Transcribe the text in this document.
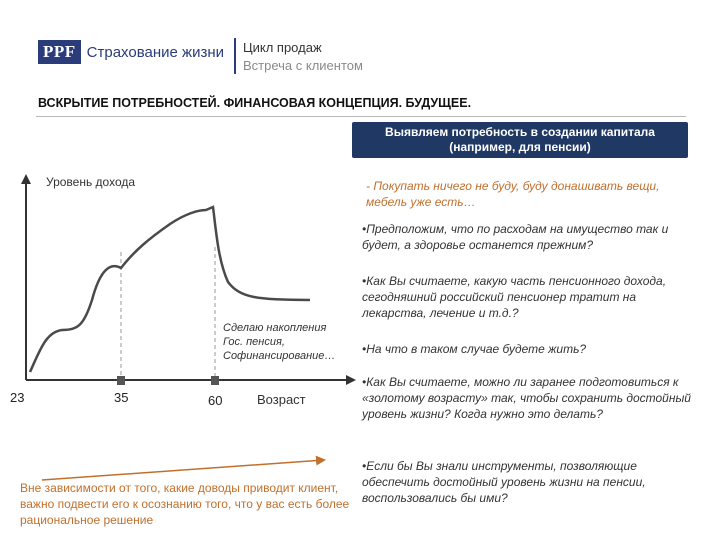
PPF Страхование жизни Цикл продаж
Встреча с клиентом
ВСКРЫТИЕ ПОТРЕБНОСТЕЙ. ФИНАНСОВАЯ КОНЦЕПЦИЯ. БУДУЩЕЕ.
Выявляем потребность в создании капитала (например, для пенсии)
Уровень дохода
23	35	60	Возраст
Сделаю накопления
Гос. пенсия,
Софинансирование…
- Покупать ничего не буду, буду донашивать вещи, мебель уже есть…
•Предположим, что по расходам на имущество так и будет, а здоровье останется прежним?
•Как Вы считаете, какую часть пенсионного дохода, сегодняшний российский пенсионер тратит на лекарства, лечение и т.д.?
•На что в таком случае будете жить?
•Как Вы считаете, можно ли заранее подготовиться к «золотому возрасту» так, чтобы сохранить достойный уровень жизни? Когда нужно это делать?
•Если бы Вы знали инструменты, позволяющие обеспечить достойный уровень жизни на пенсии, воспользовались бы ими?
Вне зависимости от того, какие доводы приводит клиент, важно подвести его к осознанию того, что у вас есть более рациональное решение
